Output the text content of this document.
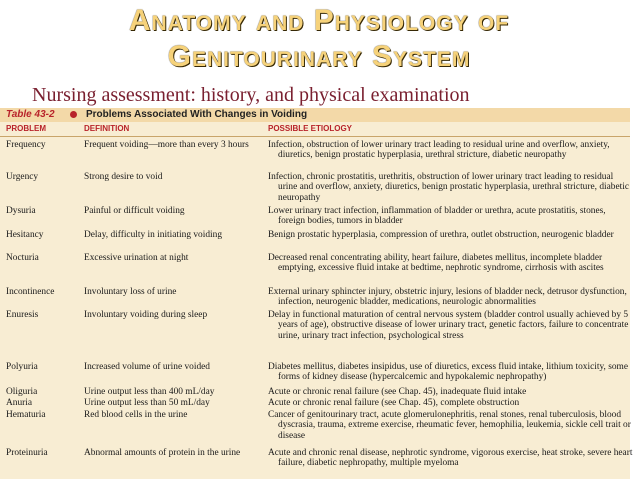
Anatomy and Physiology of
Genitourinary System
Nursing assessment: history, and physical examination
Table 43-2	Problems Associated With Changes in Voiding
PROBLEM	DEFINITION	POSSIBLE ETIOLOGY
Frequency	Frequent voiding—more than every 3 hours	Infection, obstruction of lower urinary tract leading to residual urine and overflow, anxiety, diuretics, benign prostatic hyperplasia, urethral stricture, diabetic neuropathy
Urgency	Strong desire to void	Infection, chronic prostatitis, urethritis, obstruction of lower urinary tract leading to residual urine and overflow, anxiety, diuretics, benign prostatic hyperplasia, urethral stricture, diabetic neuropathy
Dysuria	Painful or difficult voiding	Lower urinary tract infection, inflammation of bladder or urethra, acute prostatitis, stones, foreign bodies, tumors in bladder
Hesitancy	Delay, difficulty in initiating voiding	Benign prostatic hyperplasia, compression of urethra, outlet obstruction, neurogenic bladder
Nocturia	Excessive urination at night	Decreased renal concentrating ability, heart failure, diabetes mellitus, incomplete bladder emptying, excessive fluid intake at bedtime, nephrotic syndrome, cirrhosis with ascites
Incontinence	Involuntary loss of urine	External urinary sphincter injury, obstetric injury, lesions of bladder neck, detrusor dysfunction, infection, neurogenic bladder, medications, neurologic abnormalities
Enuresis	Involuntary voiding during sleep	Delay in functional maturation of central nervous system (bladder control usually achieved by 5 years of age), obstructive disease of lower urinary tract, genetic factors, failure to concentrate urine, urinary tract infection, psychological stress
Polyuria	Increased volume of urine voided	Diabetes mellitus, diabetes insipidus, use of diuretics, excess fluid intake, lithium toxicity, some forms of kidney disease (hypercalcemic and hypokalemic nephropathy)
Oliguria	Urine output less than 400 mL/day	Acute or chronic renal failure (see Chap. 45), inadequate fluid intake
Anuria	Urine output less than 50 mL/day	Acute or chronic renal failure (see Chap. 45), complete obstruction
Hematuria	Red blood cells in the urine	Cancer of genitourinary tract, acute glomerulonephritis, renal stones, renal tuberculosis, blood dyscrasia, trauma, extreme exercise, rheumatic fever, hemophilia, leukemia, sickle cell trait or disease
Proteinuria	Abnormal amounts of protein in the urine	Acute and chronic renal disease, nephrotic syndrome, vigorous exercise, heat stroke, severe heart failure, diabetic nephropathy, multiple myeloma
